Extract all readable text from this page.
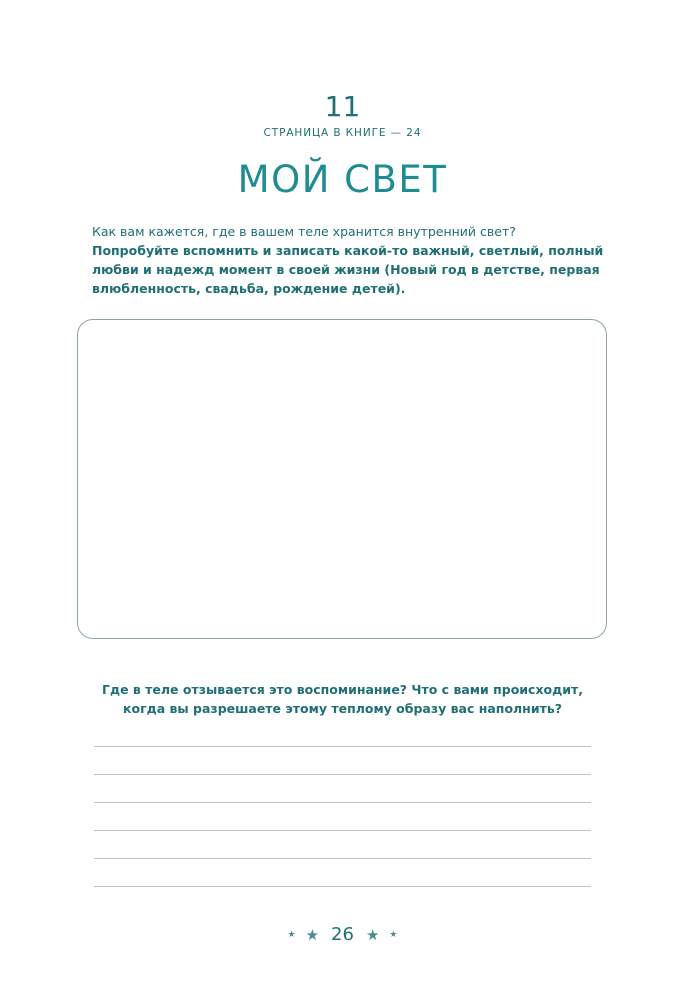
11
СТРАНИЦА В КНИГЕ — 24
МОЙ СВЕТ
Как вам кажется, где в вашем теле хранится внутренний свет?
Попробуйте вспомнить и записать какой-то важный, светлый, полный любви и надежд момент в своей жизни (Новый год в детстве, первая влюбленность, свадьба, рождение детей).
Где в теле отзывается это воспоминание? Что с вами происходит,
когда вы разрешаете этому теплому образу вас наполнить?
★ ★ 26 ★ ★
